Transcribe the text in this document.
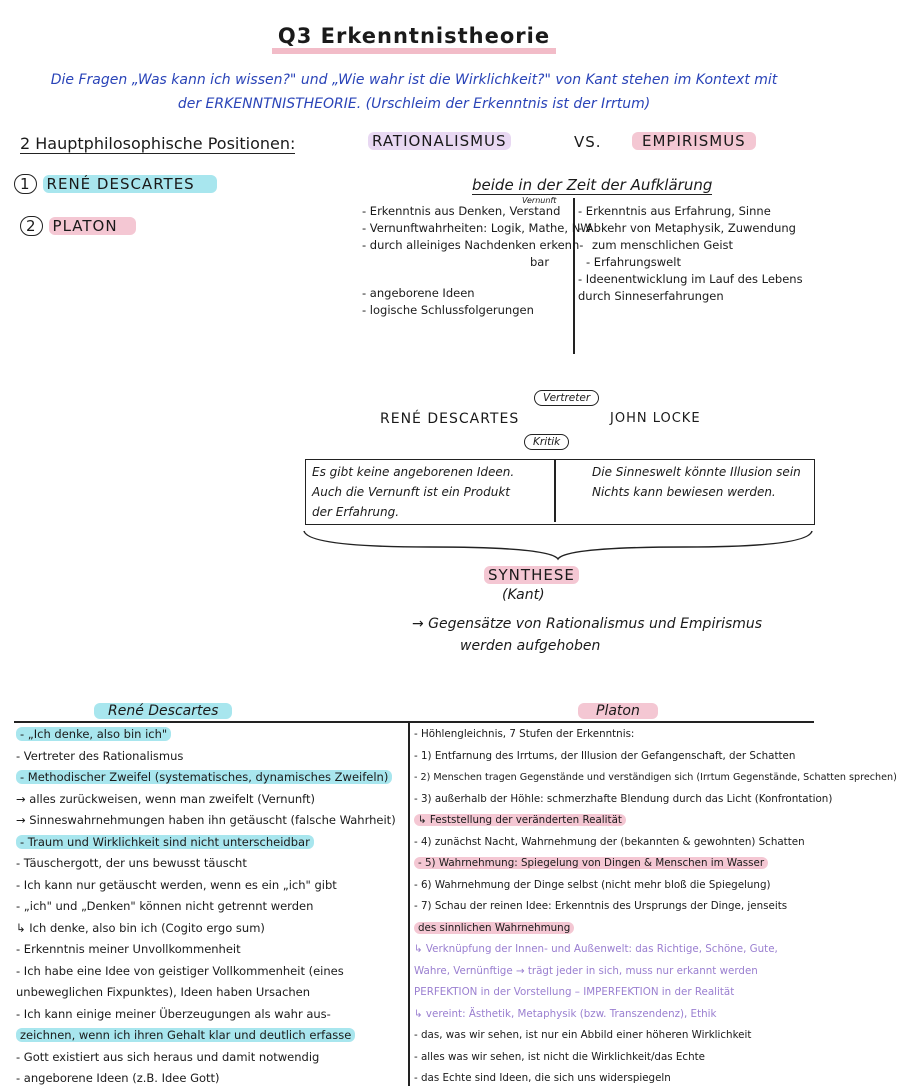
Q3 Erkenntnistheorie
Die Fragen „Was kann ich wissen?" und „Wie wahr ist die Wirklichkeit?" von Kant stehen im Kontext mit
der ERKENNTNISTHEORIE. (Urschleim der Erkenntnis ist der Irrtum)
2 Hauptphilosophische Positionen:
1 RENÉ DESCARTES
2 PLATON
RATIONALISMUS	VS.	EMPIRISMUS
beide in der Zeit der Aufklärung
Vernunft
- Erkenntnis aus Denken, Verstand
- Vernunftwahrheiten: Logik, Mathe, NW
- durch alleiniges Nachdenken erkenn-
bar
- angeborene Ideen
- logische Schlussfolgerungen
- Erkenntnis aus Erfahrung, Sinne
- Abkehr von Metaphysik, Zuwendung
zum menschlichen Geist
- Erfahrungswelt
- Ideenentwicklung im Lauf des Lebens
durch Sinneserfahrungen
Vertreter
RENÉ DESCARTES	JOHN LOCKE
Kritik
Es gibt keine angeborenen Ideen.
Auch die Vernunft ist ein Produkt
der Erfahrung.
Die Sinneswelt könnte Illusion sein
Nichts kann bewiesen werden.
SYNTHESE
(Kant)
→ Gegensätze von Rationalismus und Empirismus
werden aufgehoben
René Descartes	Platon
- „Ich denke, also bin ich"
- Vertreter des Rationalismus
- Methodischer Zweifel (systematisches, dynamisches Zweifeln)
→ alles zurückweisen, wenn man zweifelt (Vernunft)
→ Sinneswahrnehmungen haben ihn getäuscht (falsche Wahrheit)
- Traum und Wirklichkeit sind nicht unterscheidbar
- Täuschergott, der uns bewusst täuscht
- Ich kann nur getäuscht werden, wenn es ein „ich" gibt
- „ich" und „Denken" können nicht getrennt werden
↳ Ich denke, also bin ich (Cogito ergo sum)
- Erkenntnis meiner Unvollkommenheit
- Ich habe eine Idee von geistiger Vollkommenheit (eines
unbeweglichen Fixpunktes), Ideen haben Ursachen
- Ich kann einige meiner Überzeugungen als wahr aus-
zeichnen, wenn ich ihren Gehalt klar und deutlich erfasse
- Gott existiert aus sich heraus und damit notwendig
- angeborene Ideen (z.B. Idee Gott)
- Höhlengleichnis, 7 Stufen der Erkenntnis:
- 1) Entfarnung des Irrtums, der Illusion der Gefangenschaft, der Schatten
- 2) Menschen tragen Gegenstände und verständigen sich (Irrtum Gegenstände, Schatten sprechen)
- 3) außerhalb der Höhle: schmerzhafte Blendung durch das Licht (Konfrontation)
↳ Feststellung der veränderten Realität
- 4) zunächst Nacht, Wahrnehmung der (bekannten & gewohnten) Schatten
- 5) Wahrnehmung: Spiegelung von Dingen & Menschen im Wasser
- 6) Wahrnehmung der Dinge selbst (nicht mehr bloß die Spiegelung)
- 7) Schau der reinen Idee: Erkenntnis des Ursprungs der Dinge, jenseits
des sinnlichen Wahrnehmung
↳ Verknüpfung der Innen- und Außenwelt: das Richtige, Schöne, Gute,
Wahre, Vernünftige → trägt jeder in sich, muss nur erkannt werden
PERFEKTION in der Vorstellung – IMPERFEKTION in der Realität
↳ vereint: Ästhetik, Metaphysik (bzw. Transzendenz), Ethik
- das, was wir sehen, ist nur ein Abbild einer höheren Wirklichkeit
- alles was wir sehen, ist nicht die Wirklichkeit/das Echte
- das Echte sind Ideen, die sich uns widerspiegeln
